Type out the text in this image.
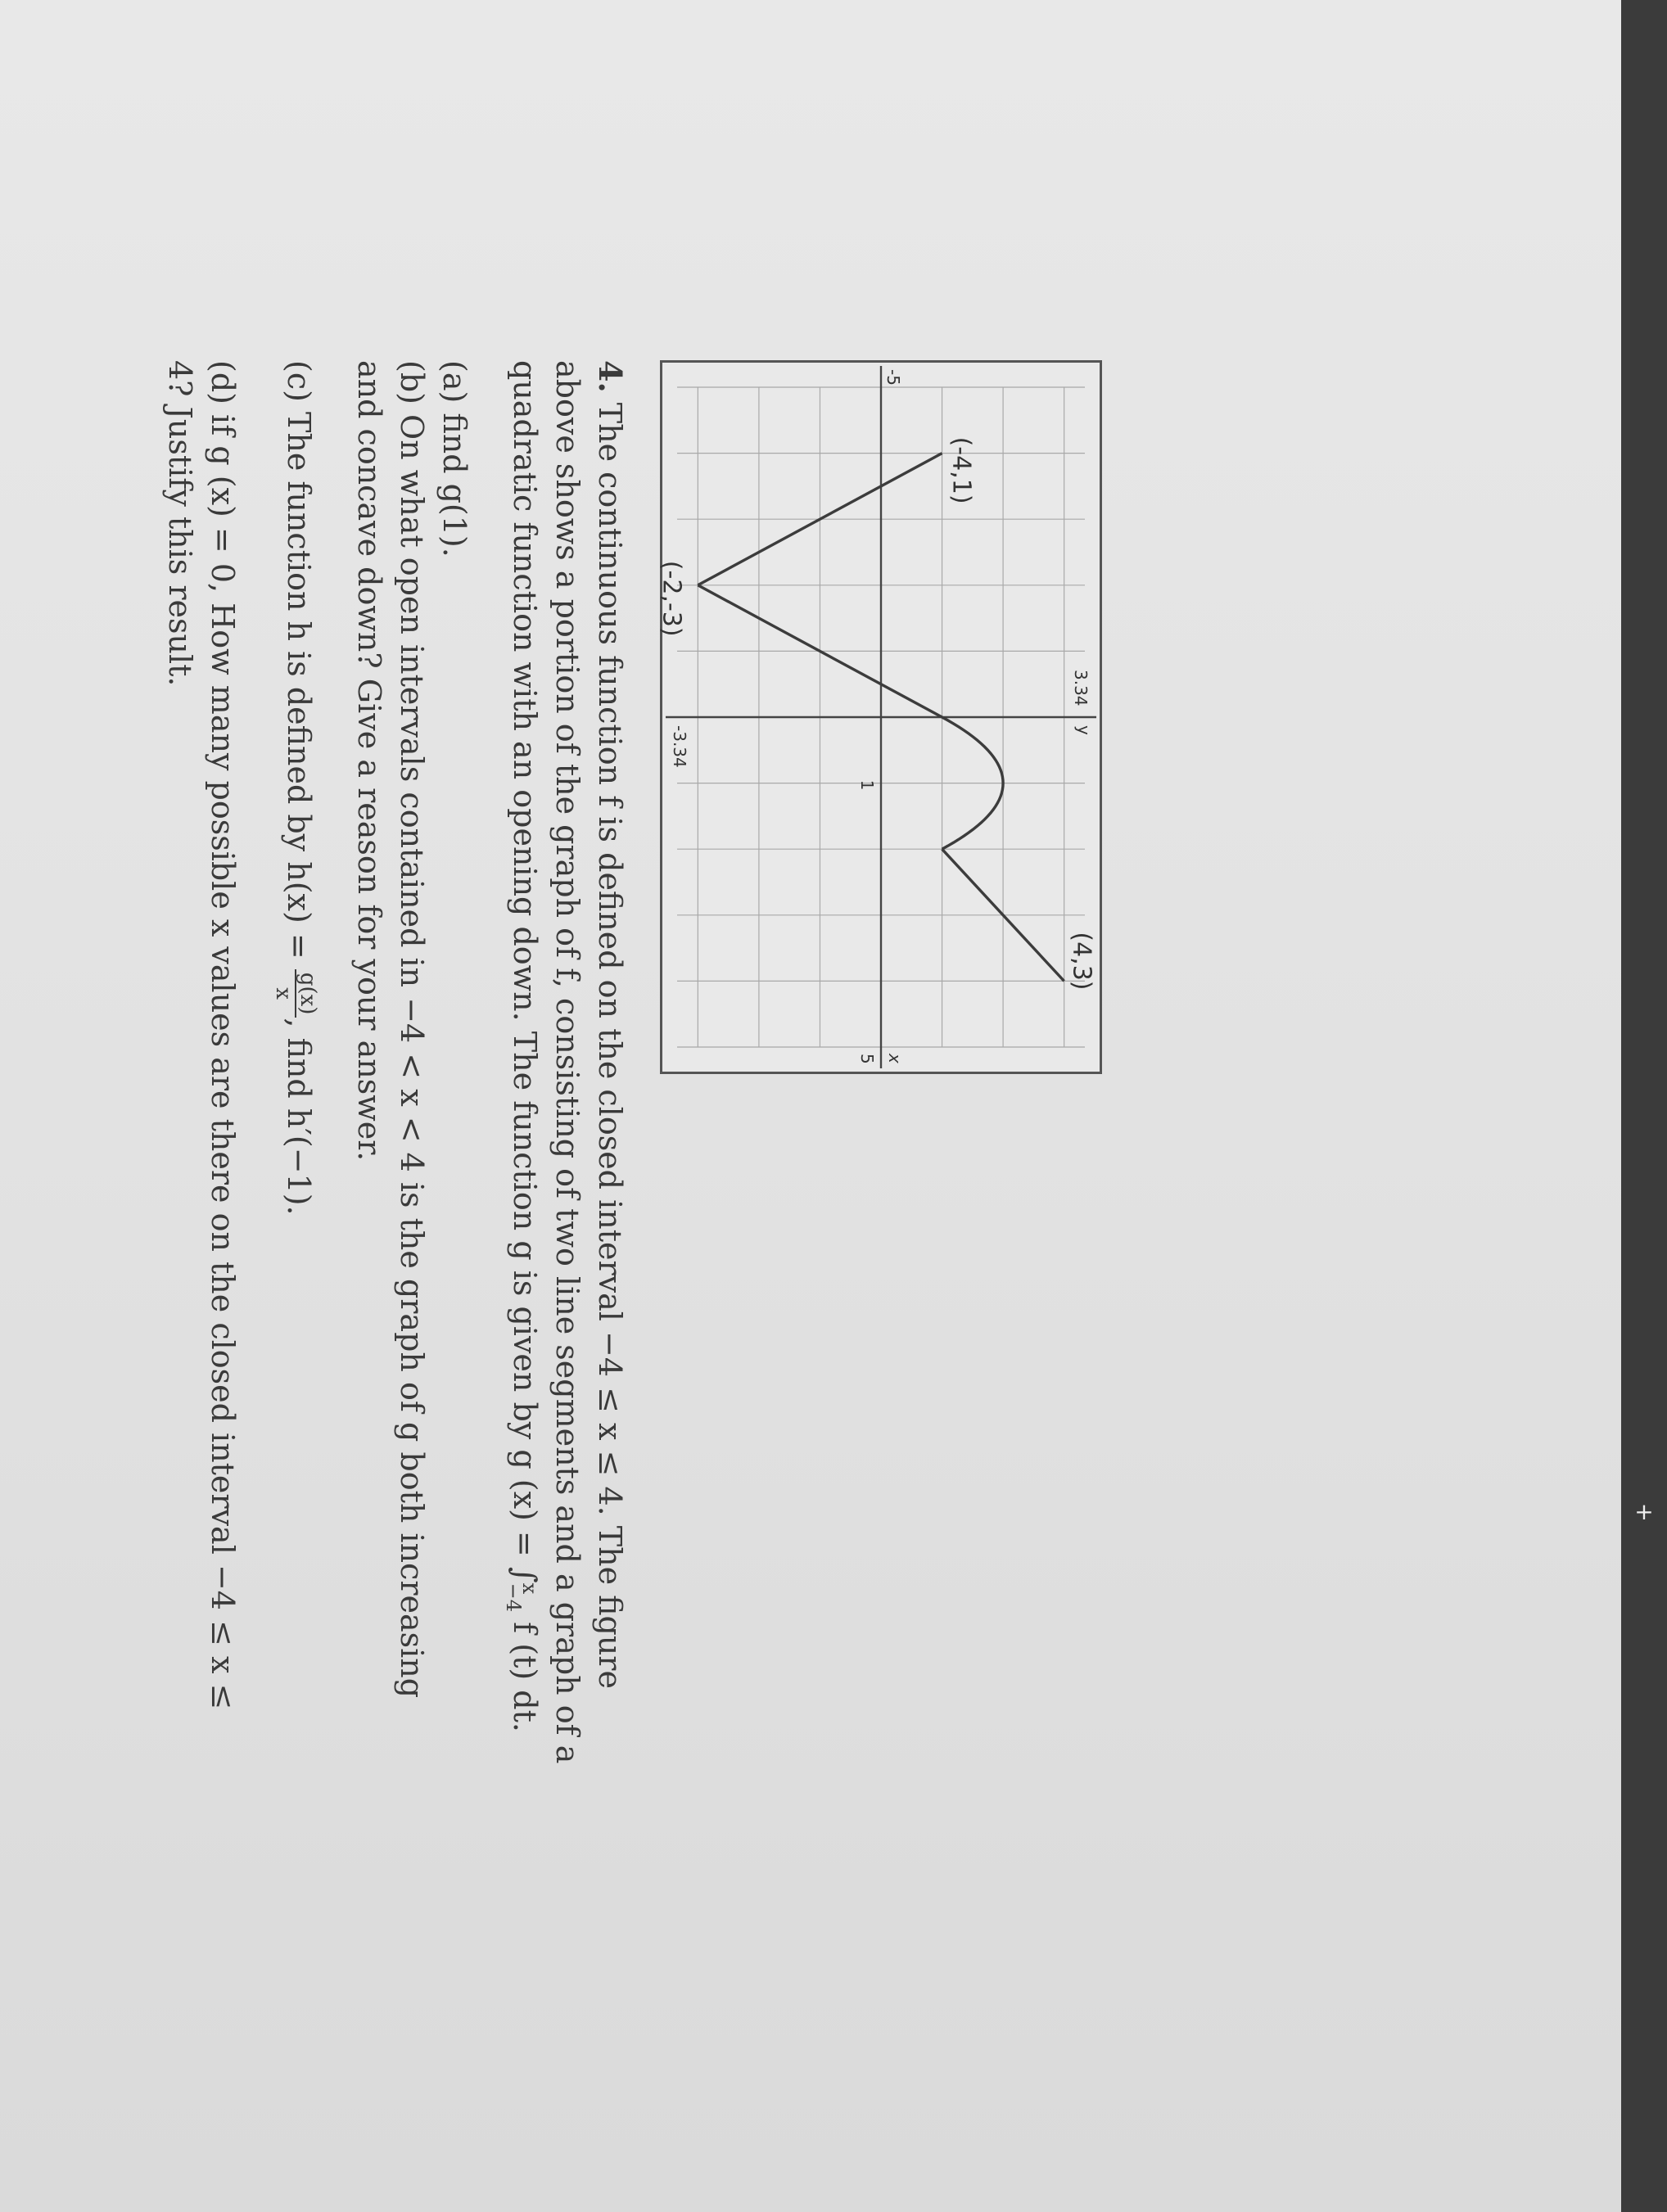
+
y
x
3.34
-3.34
-5
5
1
(-4,1)
(-2,-3)
(4,3)

4. The continuous function f is defined on the closed interval −4 ≤ x ≤ 4. The figure

above shows a portion of the graph of f, consisting of two line segments and a graph of a

quadratic function with an opening down. The function g is given by g (x) = ∫
x
−4
f (t) dt.

(a) find g(1).

(b) On what open intervals contained in −4 < x < 4 is the graph of g both increasing

and concave down? Give a reason for your answer.

(c) The function h is defined by h(x) =
g(x)
x
, find h′(−1).

(d) if g (x) = 0, How many possible x values are there on the closed interval −4 ≤ x ≤

4? Justify this result.
